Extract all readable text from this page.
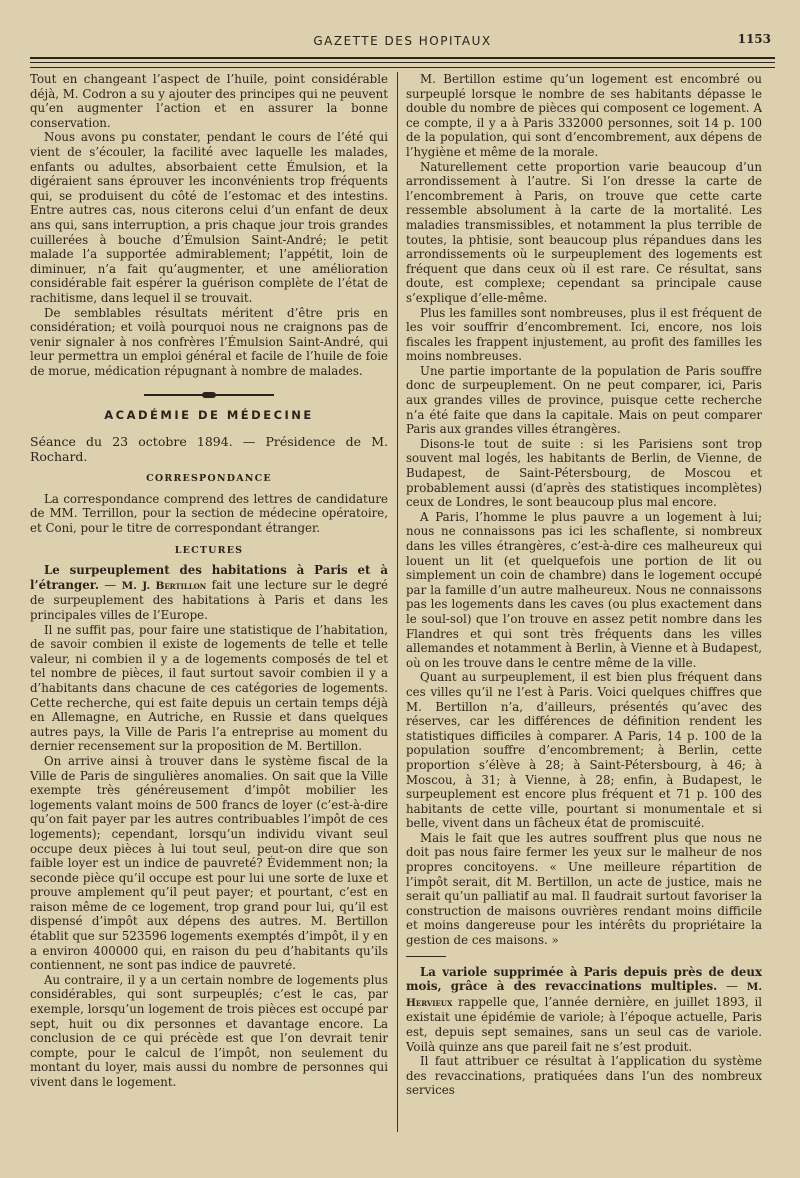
GAZETTE DES HOPITAUX	1153

Tout en changeant l’aspect de l’huile, point considérable déjà, M. Codron a su y ajouter des principes qui ne peuvent qu’en augmenter l’action et en assurer la bonne conservation.

Nous avons pu constater, pendant le cours de l’été qui vient de s’écouler, la facilité avec laquelle les malades, enfants ou adultes, absorbaient cette Émulsion, et la digéraient sans éprouver les inconvénients trop fréquents qui, se produisent du côté de l’estomac et des intestins. Entre autres cas, nous citerons celui d’un enfant de deux ans qui, sans interruption, a pris chaque jour trois grandes cuillerées à bouche d’Émulsion Saint-André; le petit malade l’a supportée admirablement; l’appétit, loin de diminuer, n’a fait qu’augmenter, et une amélioration considérable fait espérer la guérison complète de l’état de rachitisme, dans lequel il se trouvait.

De semblables résultats méritent d’être pris en considération; et voilà pourquoi nous ne craignons pas de venir signaler à nos confrères l’Émulsion Saint-André, qui leur permettra un emploi général et facile de l’huile de foie de morue, médication répugnant à nombre de malades.

ACADÉMIE DE MÉDECINE

Séance du 23 octobre 1894. — Présidence de M. Rochard.

CORRESPONDANCE

La correspondance comprend des lettres de candidature de MM. Terrillon, pour la section de médecine opératoire, et Coni, pour le titre de correspondant étranger.

LECTURES

Le surpeuplement des habitations à Paris et à l’étranger. — M. J. Bertillon fait une lecture sur le degré de surpeuplement des habitations à Paris et dans les principales villes de l’Europe.

Il ne suffit pas, pour faire une statistique de l’habitation, de savoir combien il existe de logements de telle et telle valeur, ni combien il y a de logements composés de tel et tel nombre de pièces, il faut surtout savoir combien il y a d’habitants dans chacune de ces catégories de logements. Cette recherche, qui est faite depuis un certain temps déjà en Allemagne, en Autriche, en Russie et dans quelques autres pays, la Ville de Paris l’a entreprise au moment du dernier recensement sur la proposition de M. Bertillon.

On arrive ainsi à trouver dans le système fiscal de la Ville de Paris de singulières anomalies. On sait que la Ville exempte très généreusement d’impôt mobilier les logements valant moins de 500 francs de loyer (c’est-à-dire qu’on fait payer par les autres contribuables l’impôt de ces logements); cependant, lorsqu’un individu vivant seul occupe deux pièces à lui tout seul, peut-on dire que son faible loyer est un indice de pauvreté? Évidemment non; la seconde pièce qu’il occupe est pour lui une sorte de luxe et prouve amplement qu’il peut payer; et pourtant, c’est en raison même de ce logement, trop grand pour lui, qu’il est dispensé d’impôt aux dépens des autres. M. Bertillon établit que sur 523596 logements exemptés d’impôt, il y en a environ 400000 qui, en raison du peu d’habitants qu’ils contiennent, ne sont pas indice de pauvreté.

Au contraire, il y a un certain nombre de logements plus considérables, qui sont surpeuplés; c’est le cas, par exemple, lorsqu’un logement de trois pièces est occupé par sept, huit ou dix personnes et davantage encore. La conclusion de ce qui précède est que l’on devrait tenir compte, pour le calcul de l’impôt, non seulement du montant du loyer, mais aussi du nombre de personnes qui vivent dans le logement.

M. Bertillon estime qu’un logement est encombré ou surpeuplé lorsque le nombre de ses habitants dépasse le double du nombre de pièces qui composent ce logement. A ce compte, il y a à Paris 332000 personnes, soit 14 p. 100 de la population, qui sont d’encombrement, aux dépens de l’hygiène et même de la morale.

Naturellement cette proportion varie beaucoup d’un arrondissement à l’autre. Si l’on dresse la carte de l’encombrement à Paris, on trouve que cette carte ressemble absolument à la carte de la mortalité. Les maladies transmissibles, et notamment la plus terrible de toutes, la phtisie, sont beaucoup plus répandues dans les arrondissements où le surpeuplement des logements est fréquent que dans ceux où il est rare. Ce résultat, sans doute, est complexe; cependant sa principale cause s’explique d’elle-même.

Plus les familles sont nombreuses, plus il est fréquent de les voir souffrir d’encombrement. Ici, encore, nos lois fiscales les frappent injustement, au profit des familles les moins nombreuses.

Une partie importante de la population de Paris souffre donc de surpeuplement. On ne peut comparer, ici, Paris aux grandes villes de province, puisque cette recherche n’a été faite que dans la capitale. Mais on peut comparer Paris aux grandes villes étrangères.

Disons-le tout de suite : si les Parisiens sont trop souvent mal logés, les habitants de Berlin, de Vienne, de Budapest, de Saint-Pétersbourg, de Moscou et probablement aussi (d’après des statistiques incomplètes) ceux de Londres, le sont beaucoup plus mal encore.

A Paris, l’homme le plus pauvre a un logement à lui; nous ne connaissons pas ici les schaflente, si nombreux dans les villes étrangères, c’est-à-dire ces malheureux qui louent un lit (et quelquefois une portion de lit ou simplement un coin de chambre) dans le logement occupé par la famille d’un autre malheureux. Nous ne connaissons pas les logements dans les caves (ou plus exactement dans le soul-sol) que l’on trouve en assez petit nombre dans les Flandres et qui sont très fréquents dans les villes allemandes et notamment à Berlin, à Vienne et à Budapest, où on les trouve dans le centre même de la ville.

Quant au surpeuplement, il est bien plus fréquent dans ces villes qu’il ne l’est à Paris. Voici quelques chiffres que M. Bertillon n’a, d’ailleurs, présentés qu’avec des réserves, car les différences de définition rendent les statistiques difficiles à comparer. A Paris, 14 p. 100 de la population souffre d’encombrement; à Berlin, cette proportion s’élève à 28; à Saint-Pétersbourg, à 46; à Moscou, à 31; à Vienne, à 28; enfin, à Budapest, le surpeuplement est encore plus fréquent et 71 p. 100 des habitants de cette ville, pourtant si monumentale et si belle, vivent dans un fâcheux état de promiscuité.

Mais le fait que les autres souffrent plus que nous ne doit pas nous faire fermer les yeux sur le malheur de nos propres concitoyens. « Une meilleure répartition de l’impôt serait, dit M. Bertillon, un acte de justice, mais ne serait qu’un palliatif au mal. Il faudrait surtout favoriser la construction de maisons ouvrières rendant moins difficile et moins dangereuse pour les intérêts du propriétaire la gestion de ces maisons. »

La variole supprimée à Paris depuis près de deux mois, grâce à des revaccinations multiples. — M. Hervieux rappelle que, l’année dernière, en juillet 1893, il existait une épidémie de variole; à l’époque actuelle, Paris est, depuis sept semaines, sans un seul cas de variole. Voilà quinze ans que pareil fait ne s’est produit.

Il faut attribuer ce résultat à l’application du système des revaccinations, pratiquées dans l’un des nombreux services
